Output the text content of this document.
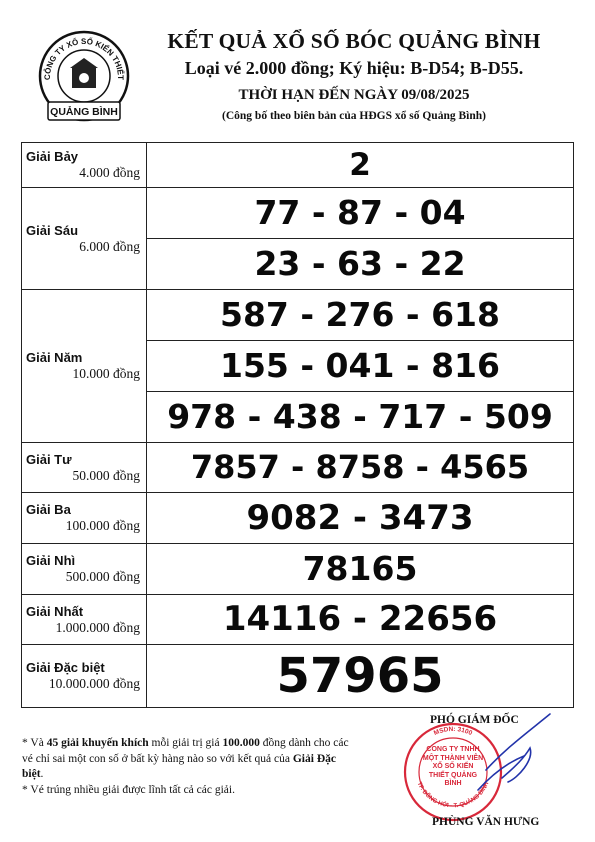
CÔNG TY XỔ SỐ KIẾN THIẾT
QUẢNG BÌNH
KẾT QUẢ XỔ SỐ BÓC QUẢNG BÌNH
Loại vé 2.000 đồng; Ký hiệu: B-D54; B-D55.
THỜI HẠN ĐẾN NGÀY 09/08/2025
(Công bố theo biên bản của HĐGS xổ số Quảng Bình)
Giải Bảy
4.000 đồng	2

Giải Sáu
6.000 đồng	77 - 87 - 04
	23 - 63 - 22

Giải Năm
10.000 đồng	587 - 276 - 618
	155 - 041 - 816
	978 - 438 - 717 - 509

Giải Tư
50.000 đồng	7857 - 8758 - 4565

Giải Ba
100.000 đồng	9082 - 3473

Giải Nhì
500.000 đồng	78165

Giải Nhất
1.000.000 đồng	14116 - 22656

Giải Đặc biệt
10.000.000 đồng	57965
* Và 45 giải khuyến khích mỗi giải trị giá 100.000 đồng dành cho các vé chỉ sai một con số ở bất kỳ hàng nào so với kết quả của Giải Đặc biệt.
* Vé trúng nhiều giải được lĩnh tất cả các giải.
MSDN: 3100
TP. ĐỒNG HỚI - T. QUẢNG BÌNH
CÔNG TY TNHH MỘT THÀNH VIÊN XỔ SỐ KIẾN THIẾT QUẢNG BÌNH
PHÓ GIÁM ĐỐC
PHÙNG VĂN HƯNG
